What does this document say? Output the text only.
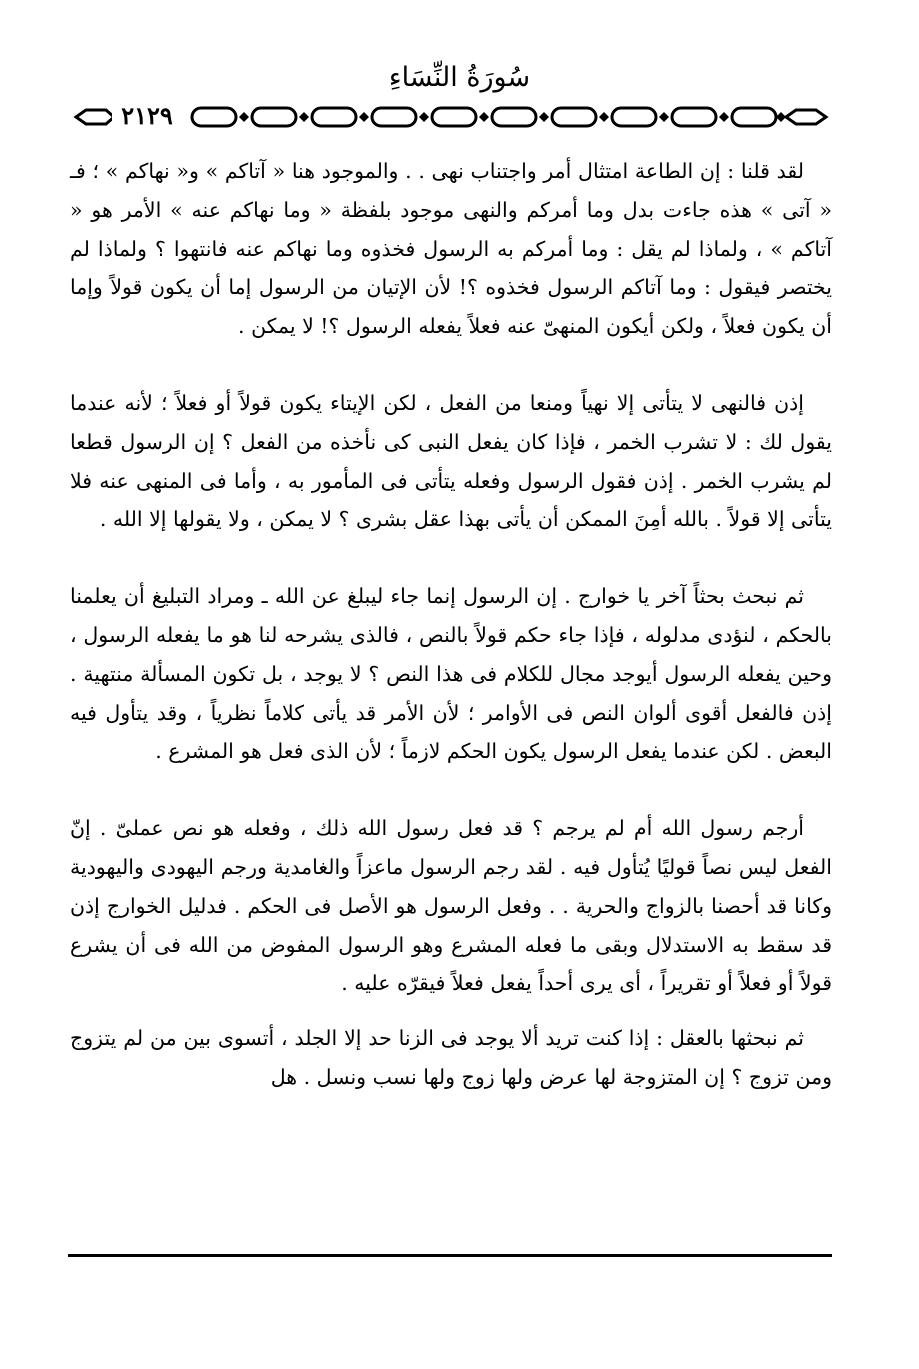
سُورَةُ النِّسَاءِ
٢١٢٩

لقد قلنا : إن الطاعة امتثال أمر واجتناب نهى . . والموجود هنا « آتاكم » و« نهاكم » ؛ فـ « آتى » هذه جاءت بدل وما أمركم والنهى موجود بلفظة « وما نهاكم عنه » الأمر هو « آتاكم » ، ولماذا لم يقل : وما أمركم به الرسول فخذوه وما نهاكم عنه فانتهوا ؟ ولماذا لم يختصر فيقول : وما آتاكم الرسول فخذوه ؟! لأن الإتيان من الرسول إما أن يكون قولاً وإما أن يكون فعلاً ، ولكن أيكون المنهىّ عنه فعلاً يفعله الرسول ؟! لا يمكن .

إذن فالنهى لا يتأتى إلا نهياً ومنعا من الفعل ، لكن الإيتاء يكون قولاً أو فعلاً ؛ لأنه عندما يقول لك : لا تشرب الخمر ، فإذا كان يفعل النبى كى نأخذه من الفعل ؟ إن الرسول قطعا لم يشرب الخمر . إذن فقول الرسول وفعله يتأتى فى المأمور به ، وأما فى المنهى عنه فلا يتأتى إلا قولاً . بالله أمِنَ الممكن أن يأتى بهذا عقل بشرى ؟ لا يمكن ، ولا يقولها إلا الله .

ثم نبحث بحثاً آخر يا خوارج . إن الرسول إنما جاء ليبلغ عن الله ـ ومراد التبليغ أن يعلمنا بالحكم ، لنؤدى مدلوله ، فإذا جاء حكم قولاً بالنص ، فالذى يشرحه لنا هو ما يفعله الرسول ، وحين يفعله الرسول أيوجد مجال للكلام فى هذا النص ؟ لا يوجد ، بل تكون المسألة منتهية . إذن فالفعل أقوى ألوان النص فى الأوامر ؛ لأن الأمر قد يأتى كلاماً نظرياً ، وقد يتأول فيه البعض . لكن عندما يفعل الرسول يكون الحكم لازماً ؛ لأن الذى فعل هو المشرع .

أرجم رسول الله أم لم يرجم ؟ قد فعل رسول الله ذلك ، وفعله هو نص عملىّ . إنّ الفعل ليس نصاً قوليًا يُتأول فيه . لقد رجم الرسول ماعزاً والغامدية ورجم اليهودى واليهودية وكانا قد أحصنا بالزواج والحرية . . وفعل الرسول هو الأصل فى الحكم . فدليل الخوارج إذن قد سقط به الاستدلال وبقى ما فعله المشرع وهو الرسول المفوض من الله فى أن يشرع قولاً أو فعلاً أو تقريراً ، أى يرى أحداً يفعل فعلاً فيقرّه عليه .

ثم نبحثها بالعقل : إذا كنت تريد ألا يوجد فى الزنا حد إلا الجلد ، أتسوى بين من لم يتزوج ومن تزوج ؟ إن المتزوجة لها عرض ولها زوج ولها نسب ونسل . هل
